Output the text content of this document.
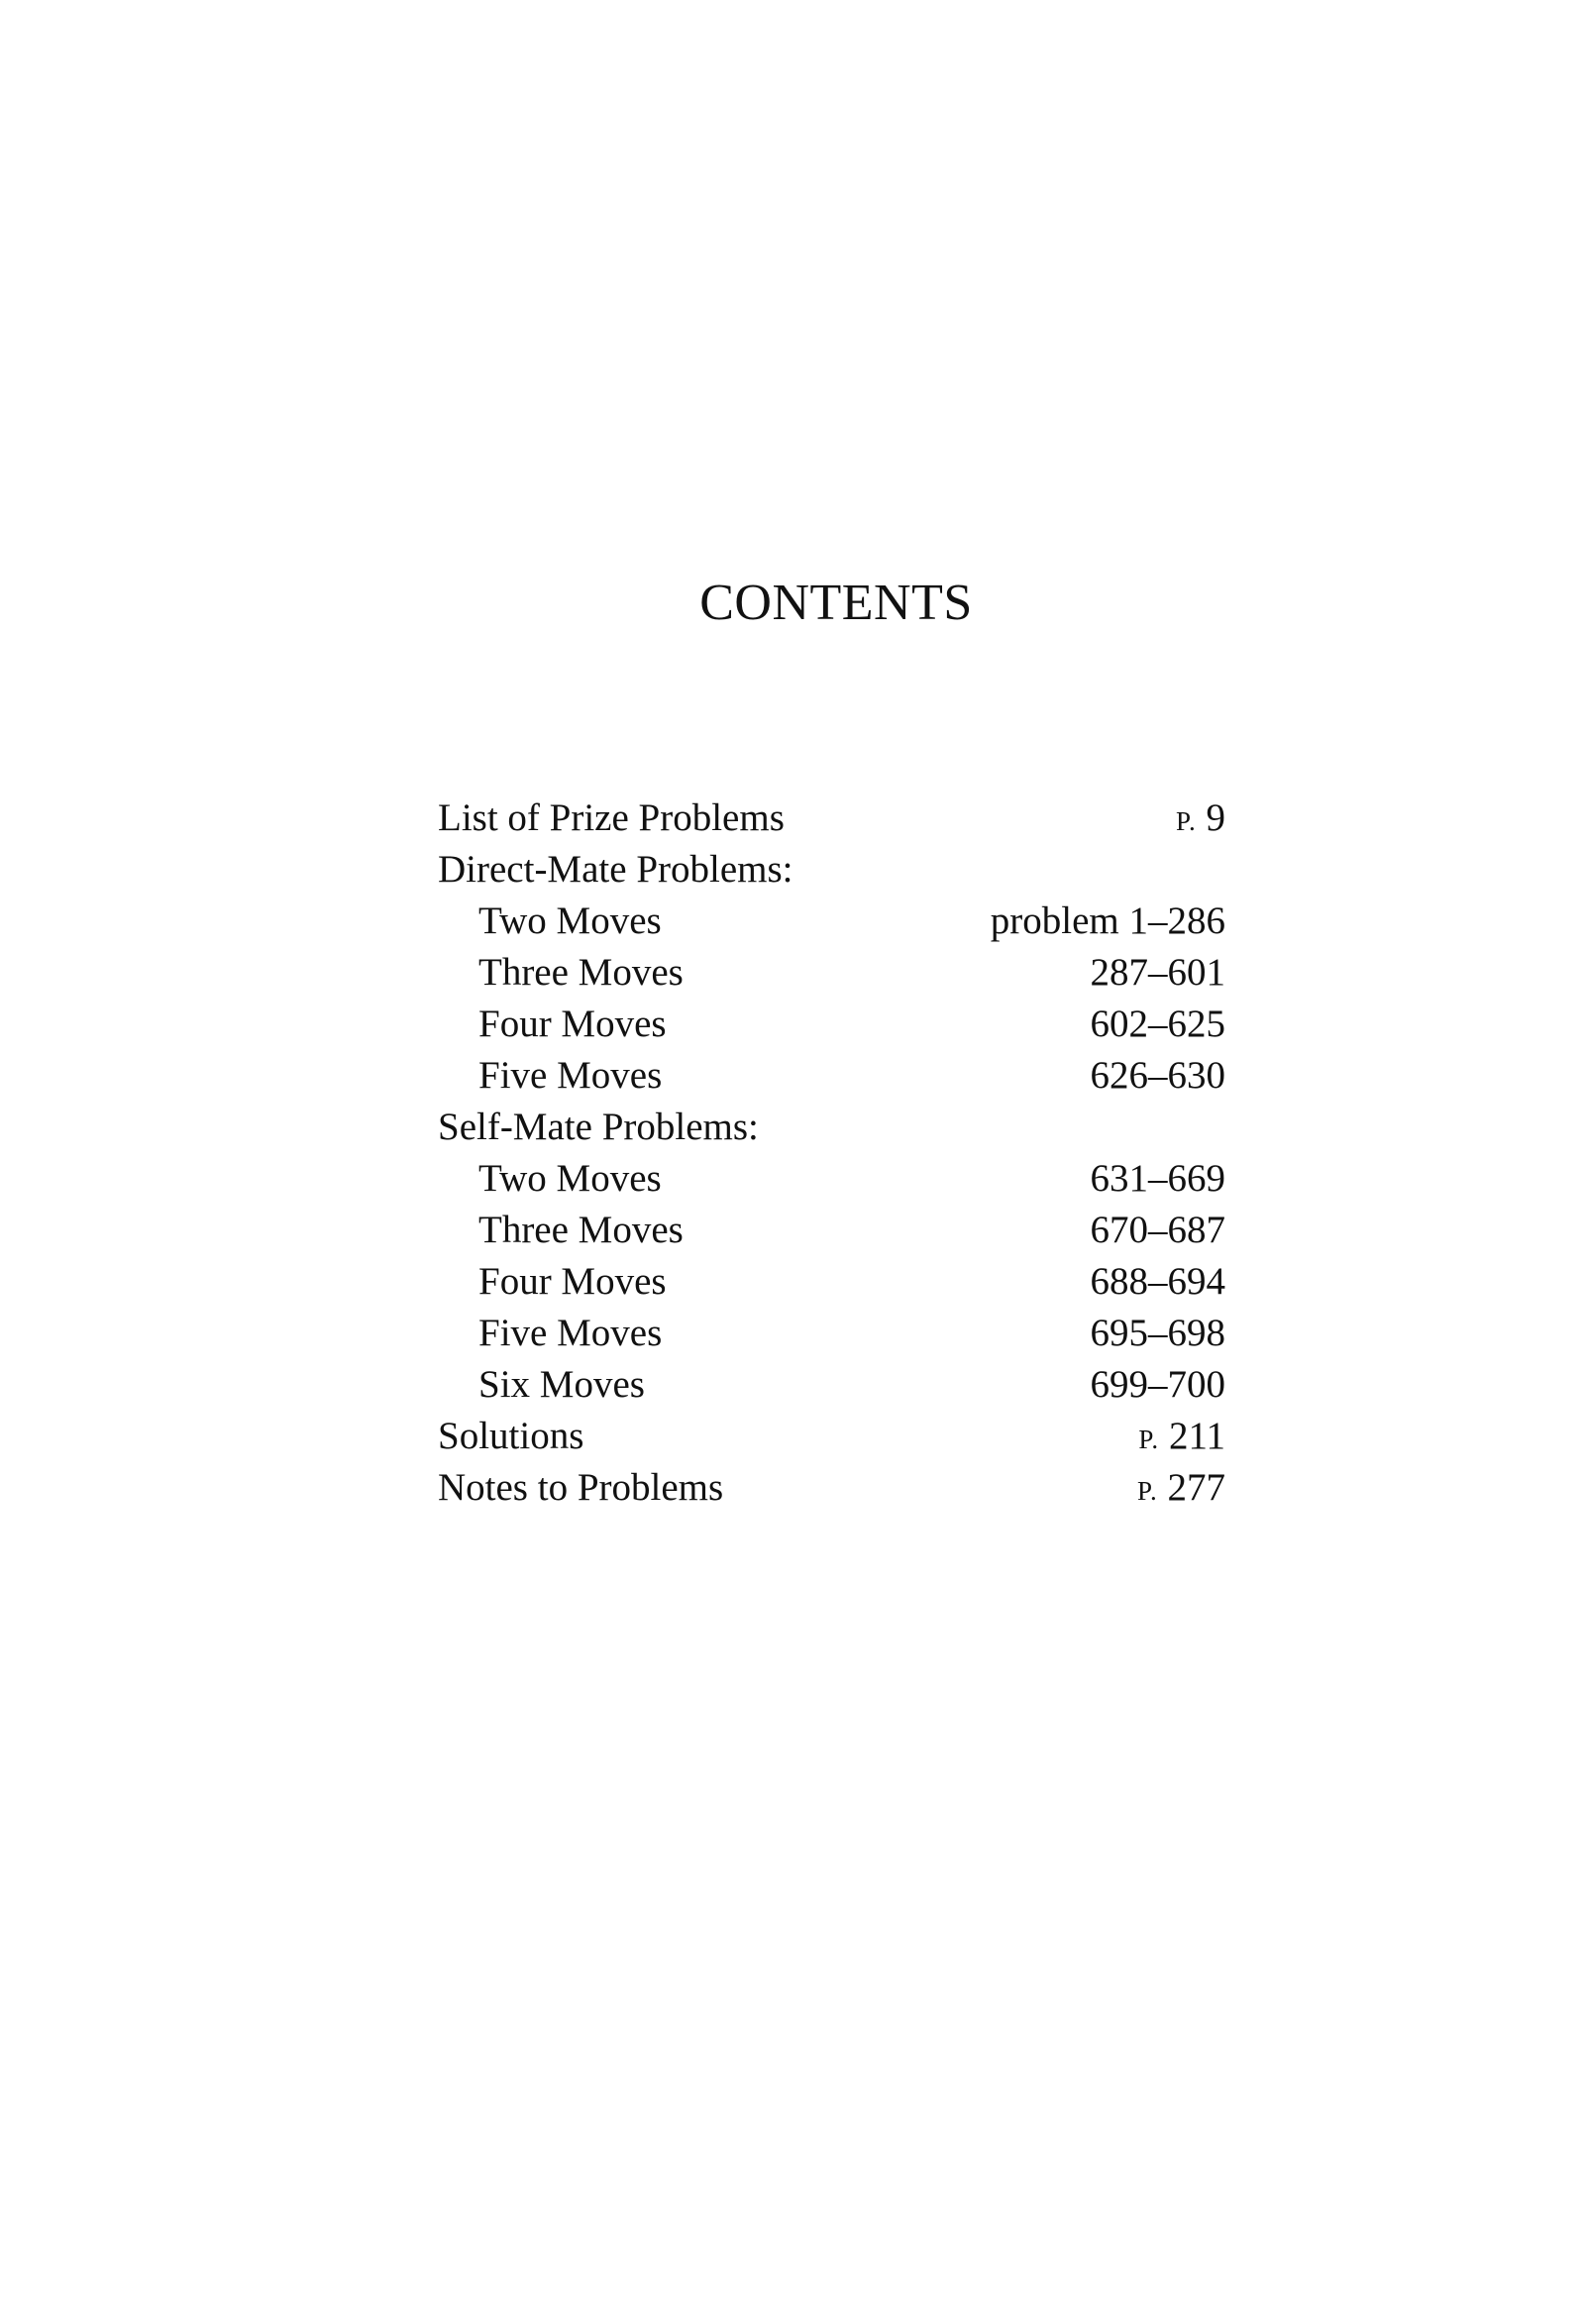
CONTENTS
List of Prize Problems	P. 9
Direct-Mate Problems:
Two Moves	problem 1–286
Three Moves	287–601
Four Moves	602–625
Five Moves	626–630
Self-Mate Problems:
Two Moves	631–669
Three Moves	670–687
Four Moves	688–694
Five Moves	695–698
Six Moves	699–700
Solutions	P. 211
Notes to Problems	P. 277
